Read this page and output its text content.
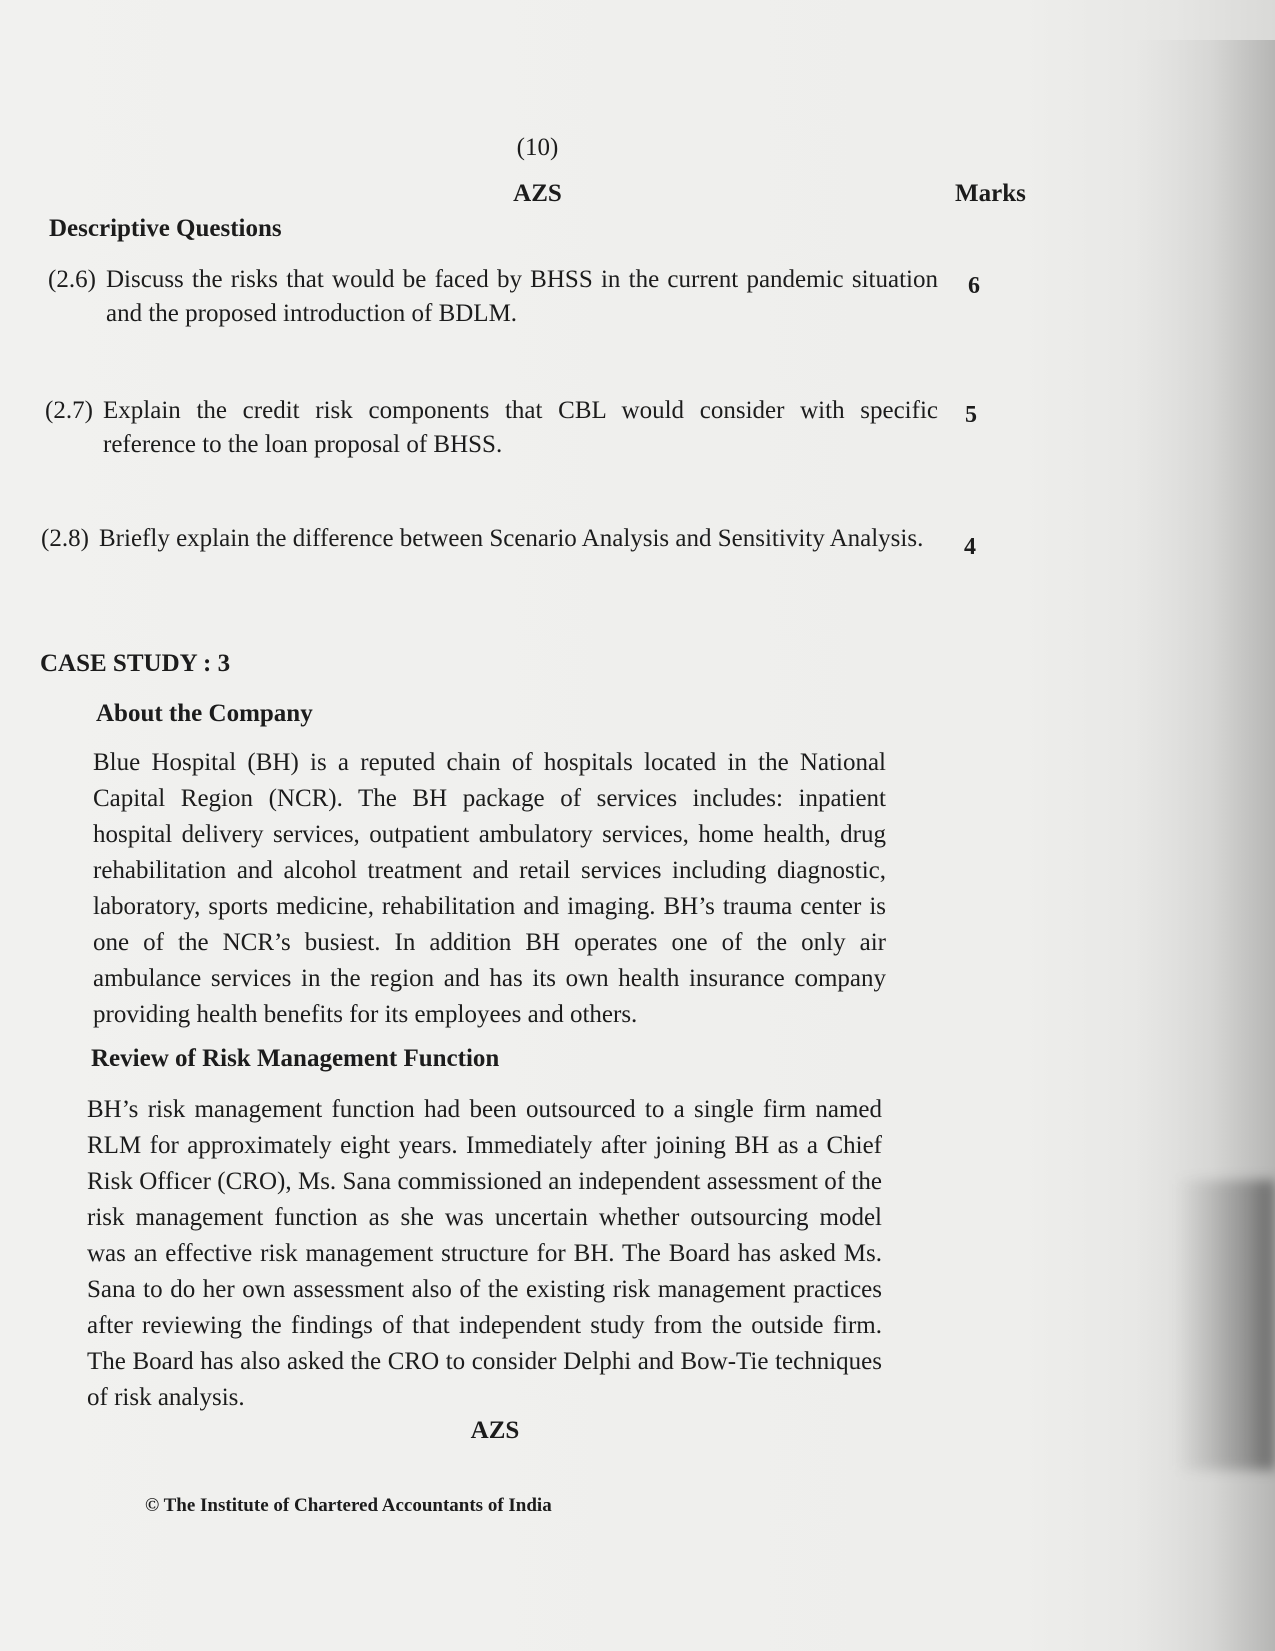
(10)
AZS	Marks
Descriptive Questions
(2.6) Discuss the risks that would be faced by BHSS in the current pandemic situation and the proposed introduction of BDLM.
6
(2.7) Explain the credit risk components that CBL would consider with specific reference to the loan proposal of BHSS.
5
(2.8) Briefly explain the difference between Scenario Analysis and Sensitivity Analysis.	4
CASE STUDY : 3
About the Company
Blue Hospital (BH) is a reputed chain of hospitals located in the National Capital Region (NCR). The BH package of services includes: inpatient hospital delivery services, outpatient ambulatory services, home health, drug rehabilitation and alcohol treatment and retail services including diagnostic, laboratory, sports medicine, rehabilitation and imaging. BH’s trauma center is one of the NCR’s busiest. In addition BH operates one of the only air ambulance services in the region and has its own health insurance company providing health benefits for its employees and others.
Review of Risk Management Function
BH’s risk management function had been outsourced to a single firm named RLM for approximately eight years. Immediately after joining BH as a Chief Risk Officer (CRO), Ms. Sana commissioned an independent assessment of the risk management function as she was uncertain whether outsourcing model was an effective risk management structure for BH. The Board has asked Ms. Sana to do her own assessment also of the existing risk management practices after reviewing the findings of that independent study from the outside firm. The Board has also asked the CRO to consider Delphi and Bow-Tie techniques of risk analysis.
AZS
© The Institute of Chartered Accountants of India
